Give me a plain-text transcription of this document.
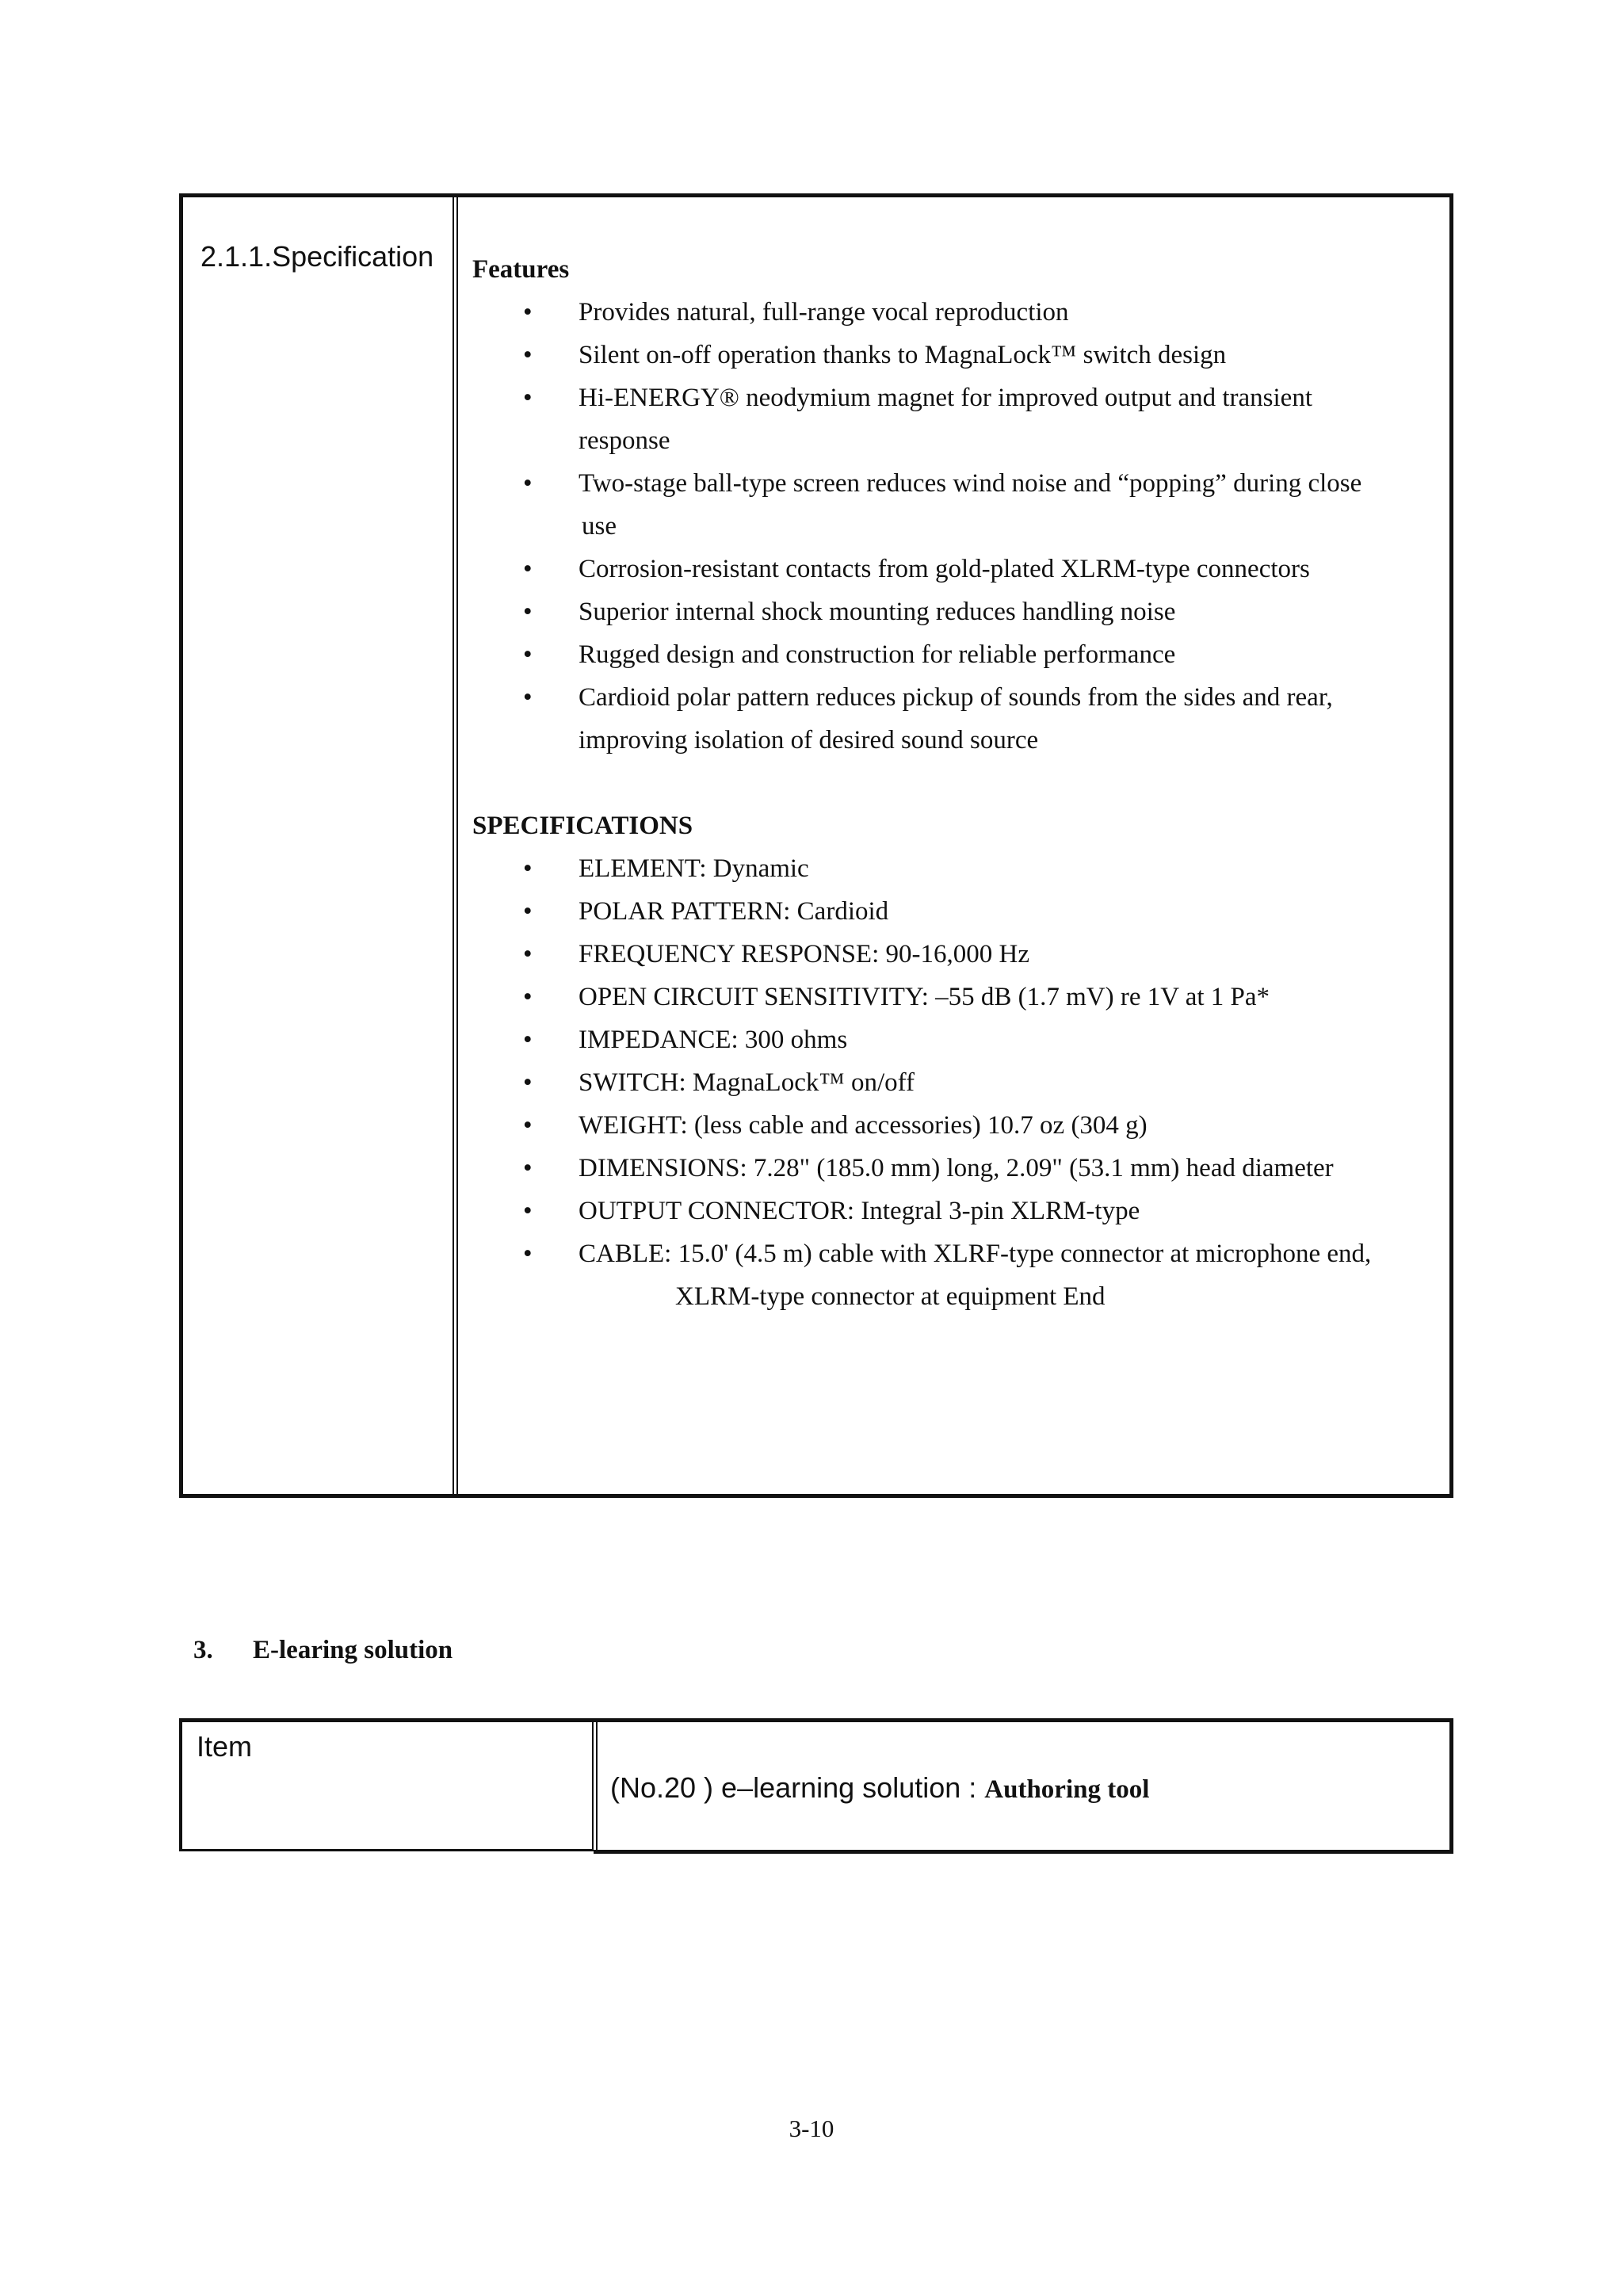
2.1.1.Specification Features

• Provides natural, full-range vocal reproduction
• Silent on-off operation thanks to MagnaLock™ switch design
• Hi-ENERGY® neodymium magnet for improved output and transient
response
• Two-stage ball-type screen reduces wind noise and “popping” during close
use
• Corrosion-resistant contacts from gold-plated XLRM-type connectors
• Superior internal shock mounting reduces handling noise
• Rugged design and construction for reliable performance
• Cardioid polar pattern reduces pickup of sounds from the sides and rear,
improving isolation of desired sound source

SPECIFICATIONS

• ELEMENT: Dynamic
• POLAR PATTERN: Cardioid
• FREQUENCY RESPONSE: 90-16,000 Hz
• OPEN CIRCUIT SENSITIVITY: –55 dB (1.7 mV) re 1V at 1 Pa*
• IMPEDANCE: 300 ohms
• SWITCH: MagnaLock™ on/off
• WEIGHT: (less cable and accessories) 10.7 oz (304 g)
• DIMENSIONS: 7.28" (185.0 mm) long, 2.09" (53.1 mm) head diameter
• OUTPUT CONNECTOR: Integral 3-pin XLRM-type
• CABLE: 15.0' (4.5 m) cable with XLRF-type connector at microphone end,
XLRM-type connector at equipment End
3. E-learing solution
Item
(No.20 ) e–learning solution : Authoring tool
3-10
